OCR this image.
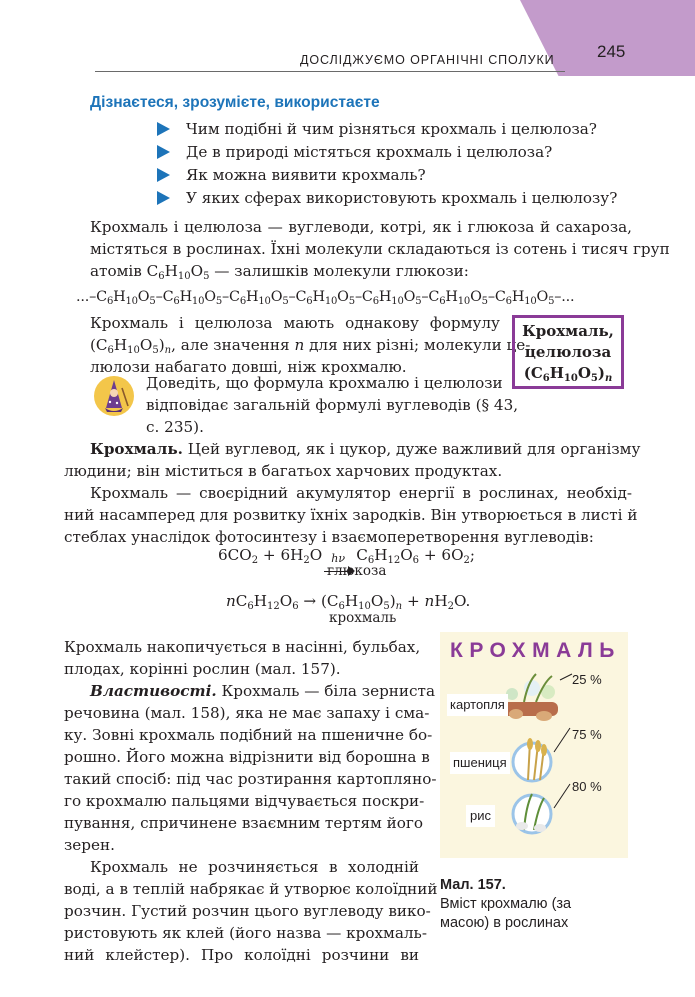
ДОСЛІДЖУЄМО ОРГАНІЧНІ СПОЛУКИ 245
Дізнаєтеся, зрозумієте, використаєте
Чим подібні й чим різняться крохмаль і целюлоза?
Де в природі містяться крохмаль і целюлоза?
Як можна виявити крохмаль?
У яких сферах використовують крохмаль і целюлозу?
Крохмаль і целюлоза — вуглеводи, котрі, як і глюкоза й сахароза,
містяться в рослинах. Їхні молекули складаються із сотень і тисяч груп
атомів $C_6H_{10}O_5$ — залишків молекули глюкози:
$...-C_6H_{10}O_5-C_6H_{10}O_5-C_6H_{10}O_5-C_6H_{10}O_5-C_6H_{10}O_5-C_6H_{10}O_5-C_6H_{10}O_5-$...
Крохмаль і целюлоза мають однакову формулу
$(C_6H_{10}O_5)_n$, але значення n для них різні; молекули це-
люлози набагато довші, ніж крохмалю.
Крохмаль,
целюлоза
$(C_6H_{10}O_5)_n$
Доведіть, що формула крохмалю і целюлози
відповідає загальній формулі вуглеводів (§ 43,
с. 235).
Крохмаль. Цей вуглевод, як і цукор, дуже важливий для організму
людини; він міститься в багатьох харчових продуктах.
Крохмаль — своєрідний акумулятор енергії в рослинах, необхід-
ний насамперед для розвитку їхніх зародків. Він утворюється в листі й
стеблах унаслідок фотосинтезу і взаємоперетворення вуглеводів:
$6CO_2 + 6H_2O$ hν $C_6H_{12}O_6 + 6O_2$;
глюкоза
$nC_6H_{12}O_6 \to (C_6H_{10}O_5)_n + nH_2O$.
крохмаль
Крохмаль накопичується в насінні, бульбах,
плодах, корінні рослин (мал. 157).
Властивості. Крохмаль — біла зерниста
речовина (мал. 158), яка не має запаху і сма-
ку. Зовні крохмаль подібний на пшеничне бо-
рошно. Його можна відрізнити від борошна в
такий спосіб: під час розтирання картопляно-
го крохмалю пальцями відчувається поскри-
пування, спричинене взаємним тертям його
зерен.
Крохмаль не розчиняється в холодній
воді, а в теплій набрякає й утворює колоїдний
розчин. Густий розчин цього вуглеводу вико-
ристовують як клей (його назва — крохмаль-
ний клейстер). Про колоїдні розчини ви
КРОХМАЛЬ
25 %
75 %
80 %
картопля
пшениця
рис
Мал. 157.
Вміст крохмалю (за
масою) в рослинах
